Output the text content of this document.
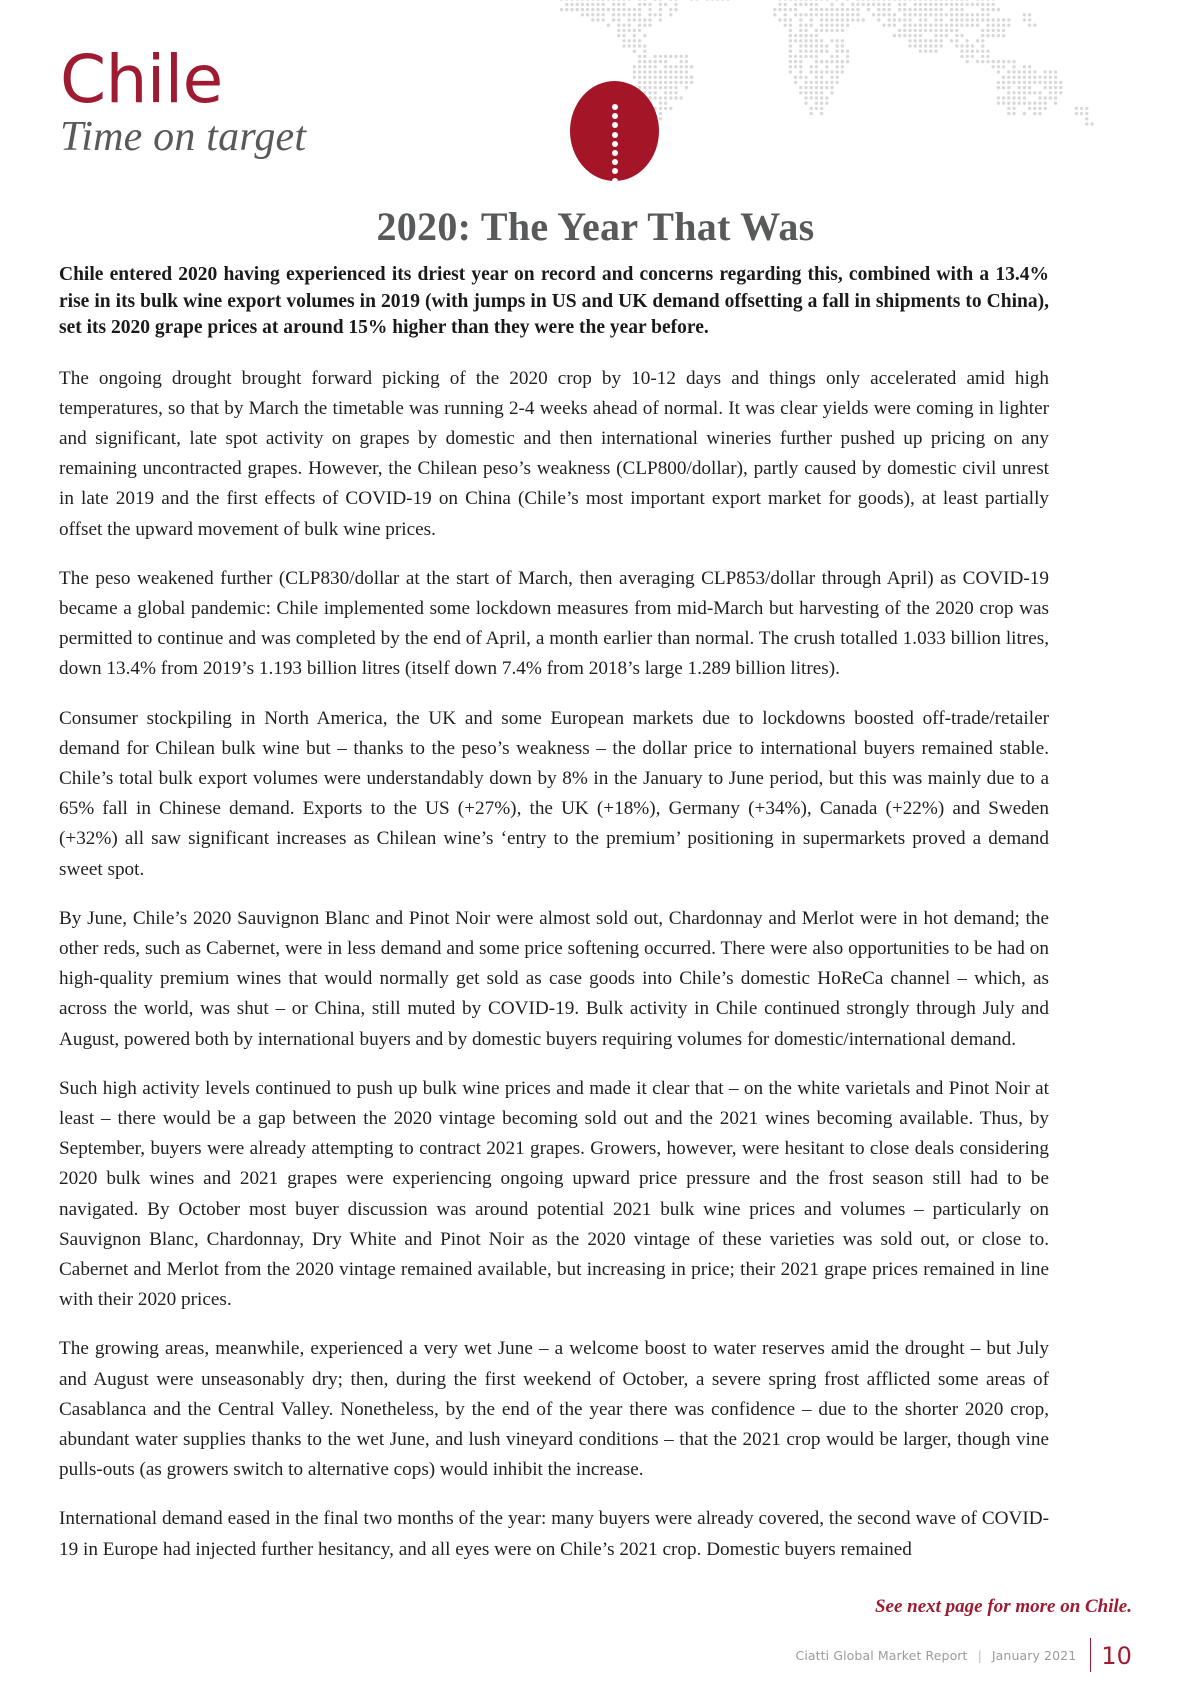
Chile
Time on target
2020: The Year That Was

Chile entered 2020 having experienced its driest year on record and concerns regarding this, combined with a 13.4% rise in its bulk wine export volumes in 2019 (with jumps in US and UK demand offsetting a fall in shipments to China), set its 2020 grape prices at around 15% higher than they were the year before.

The ongoing drought brought forward picking of the 2020 crop by 10-12 days and things only accelerated amid high temperatures, so that by March the timetable was running 2-4 weeks ahead of normal. It was clear yields were coming in lighter and significant, late spot activity on grapes by domestic and then international wineries further pushed up pricing on any remaining uncontracted grapes. However, the Chilean peso’s weakness (CLP800/dollar), partly caused by domestic civil unrest in late 2019 and the first effects of COVID-19 on China (Chile’s most important export market for goods), at least partially offset the upward movement of bulk wine prices.

The peso weakened further (CLP830/dollar at the start of March, then averaging CLP853/dollar through April) as COVID-19 became a global pandemic: Chile implemented some lockdown measures from mid-March but harvesting of the 2020 crop was permitted to continue and was completed by the end of April, a month earlier than normal. The crush totalled 1.033 billion litres, down 13.4% from 2019’s 1.193 billion litres (itself down 7.4% from 2018’s large 1.289 billion litres).

Consumer stockpiling in North America, the UK and some European markets due to lockdowns boosted off-trade/retailer demand for Chilean bulk wine but – thanks to the peso’s weakness – the dollar price to international buyers remained stable. Chile’s total bulk export volumes were understandably down by 8% in the January to June period, but this was mainly due to a 65% fall in Chinese demand. Exports to the US (+27%), the UK (+18%), Germany (+34%), Canada (+22%) and Sweden (+32%) all saw significant increases as Chilean wine’s ‘entry to the premium’ positioning in supermarkets proved a demand sweet spot.

By June, Chile’s 2020 Sauvignon Blanc and Pinot Noir were almost sold out, Chardonnay and Merlot were in hot demand; the other reds, such as Cabernet, were in less demand and some price softening occurred. There were also opportunities to be had on high-quality premium wines that would normally get sold as case goods into Chile’s domestic HoReCa channel – which, as across the world, was shut – or China, still muted by COVID-19. Bulk activity in Chile continued strongly through July and August, powered both by international buyers and by domestic buyers requiring volumes for domestic/international demand.

Such high activity levels continued to push up bulk wine prices and made it clear that – on the white varietals and Pinot Noir at least – there would be a gap between the 2020 vintage becoming sold out and the 2021 wines becoming available. Thus, by September, buyers were already attempting to contract 2021 grapes. Growers, however, were hesitant to close deals considering 2020 bulk wines and 2021 grapes were experiencing ongoing upward price pressure and the frost season still had to be navigated. By October most buyer discussion was around potential 2021 bulk wine prices and volumes – particularly on Sauvignon Blanc, Chardonnay, Dry White and Pinot Noir as the 2020 vintage of these varieties was sold out, or close to. Cabernet and Merlot from the 2020 vintage remained available, but increasing in price; their 2021 grape prices remained in line with their 2020 prices.

The growing areas, meanwhile, experienced a very wet June – a welcome boost to water reserves amid the drought – but July and August were unseasonably dry; then, during the first weekend of October, a severe spring frost afflicted some areas of Casablanca and the Central Valley. Nonetheless, by the end of the year there was confidence – due to the shorter 2020 crop, abundant water supplies thanks to the wet June, and lush vineyard conditions – that the 2021 crop would be larger, though vine pulls-outs (as growers switch to alternative cops) would inhibit the increase.

International demand eased in the final two months of the year: many buyers were already covered, the second wave of COVID-19 in Europe had injected further hesitancy, and all eyes were on Chile’s 2021 crop. Domestic buyers remained

See next page for more on Chile.
Ciatti Global Market Report | January 2021 10
